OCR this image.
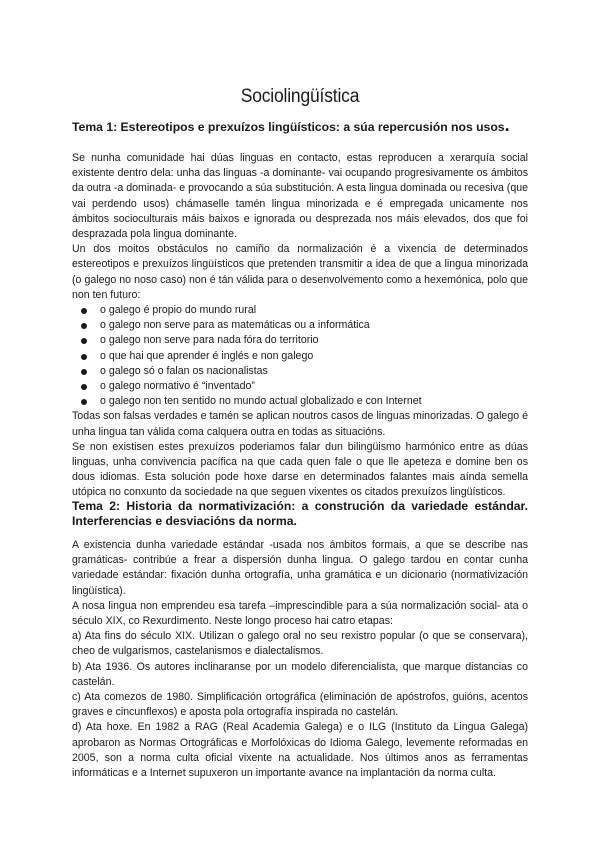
Sociolingüística
Tema 1: Estereotipos e prexuízos lingüísticos: a súa repercusión nos usos.

Se nunha comunidade hai dúas linguas en contacto, estas reproducen a xerarquía social existente dentro dela: unha das linguas -a dominante- vai ocupando progresivamente os ámbitos da outra -a dominada- e provocando a súa substitución. A esta lingua dominada ou recesiva (que vai perdendo usos) chámaselle tamén lingua minorizada e é empregada unicamente nos ámbitos socioculturais máis baixos e ignorada ou desprezada nos máis elevados, dos que foi desprazada pola lingua dominante.

Un dos moitos obstáculos no camiño da normalización é a vixencia de determinados estereotipos e prexuízos lingüísticos que pretenden transmitir a idea de que a lingua minorizada (o galego no noso caso) non é tán válida para o desenvolvemento como a hexemónica, polo que non ten futuro:

o galego é propio do mundo rural
o galego non serve para as matemáticas ou a informática
o galego non serve para nada fóra do territorio
o que hai que aprender é inglés e non galego
o galego só o falan os nacionalistas
o galego normativo é “inventado”
o galego non ten sentido no mundo actual globalizado e con Internet

Todas son falsas verdades e tamén se aplican noutros casos de linguas minorizadas. O galego é unha lingua tan válida coma calquera outra en todas as situacións.

Se non existisen estes prexuízos poderiamos falar dun bilingüismo harmónico entre as dúas linguas, unha convivencia pacífica na que cada quen fale o que lle apeteza e domine ben os dous idiomas. Esta solución pode hoxe darse en determinados falantes mais aínda semella utópica no conxunto da sociedade na que seguen vixentes os citados prexuízos lingüísticos.

Tema 2: Historia da normativización: a construción da variedade estándar. Interferencias e desviacións da norma.

A existencia dunha variedade estándar -usada nos ámbitos formais, a que se describe nas gramáticas- contribúe a frear a dispersión dunha lingua. O galego tardou en contar cunha variedade estándar: fixación dunha ortografía, unha gramática e un dicionario (normativización lingüística).

A nosa lingua non emprendeu esa tarefa –imprescindible para a súa normalización social- ata o século XIX, co Rexurdimento. Neste longo proceso hai catro etapas:

a) Ata fins do século XIX. Utilizan o galego oral no seu rexistro popular (o que se conservara), cheo de vulgarismos, castelanismos e dialectalismos.

b) Ata 1936. Os autores inclinaranse por un modelo diferencialista, que marque distancias co castelán.

c) Ata comezos de 1980. Simplificación ortográfica (eliminación de apóstrofos, guións, acentos graves e cincunflexos) e aposta pola ortografía inspirada no castelán.

d) Ata hoxe. En 1982 a RAG (Real Academia Galega) e o ILG (Instituto da Lingua Galega) aprobaron as Normas Ortográficas e Morfolóxicas do Idioma Galego, levemente reformadas en 2005, son a norma culta oficial vixente na actualidade. Nos últimos anos as ferramentas informáticas e a Internet supuxeron un importante avance na implantación da norma culta.
